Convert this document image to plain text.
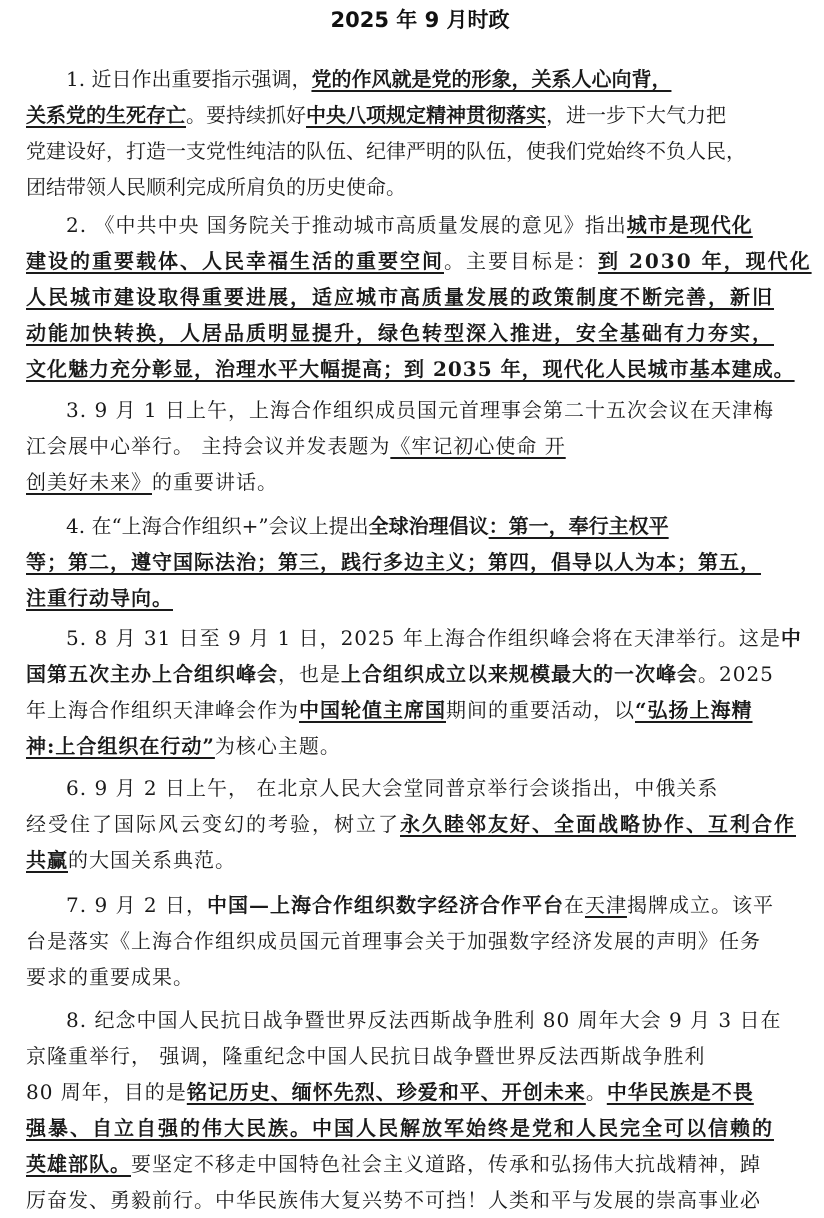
2025 年 9 月时政
1. 近日作出重要指示强调，党的作风就是党的形象，关系人心向背，
关系党的生死存亡。要持续抓好中央八项规定精神贯彻落实，进一步下大气力把
党建设好，打造一支党性纯洁的队伍、纪律严明的队伍，使我们党始终不负人民，
团结带领人民顺利完成所肩负的历史使命。
2. 《中共中央 国务院关于推动城市高质量发展的意见》指出城市是现代化
建设的重要载体、人民幸福生活的重要空间。主要目标是：到 2030 年，现代化
人民城市建设取得重要进展，适应城市高质量发展的政策制度不断完善，新旧
动能加快转换，人居品质明显提升，绿色转型深入推进，安全基础有力夯实，
文化魅力充分彰显，治理水平大幅提高；到 2035 年，现代化人民城市基本建成。
3. 9 月 1 日上午，上海合作组织成员国元首理事会第二十五次会议在天津梅
江会展中心举行。 主持会议并发表题为《牢记初心使命 开
创美好未来》的重要讲话。
4. 在“上海合作组织+”会议上提出全球治理倡议：第一，奉行主权平
等；第二，遵守国际法治；第三，践行多边主义；第四，倡导以人为本；第五，
注重行动导向。
5. 8 月 31 日至 9 月 1 日，2025 年上海合作组织峰会将在天津举行。这是中
国第五次主办上合组织峰会，也是上合组织成立以来规模最大的一次峰会。2025
年上海合作组织天津峰会作为中国轮值主席国期间的重要活动，以“弘扬上海精
神:上合组织在行动”为核心主题。
6. 9 月 2 日上午， 在北京人民大会堂同普京举行会谈指出，中俄关系
经受住了国际风云变幻的考验，树立了永久睦邻友好、全面战略协作、互利合作
共赢的大国关系典范。
7. 9 月 2 日，中国—上海合作组织数字经济合作平台在天津揭牌成立。该平
台是落实《上海合作组织成员国元首理事会关于加强数字经济发展的声明》任务
要求的重要成果。
8. 纪念中国人民抗日战争暨世界反法西斯战争胜利 80 周年大会 9 月 3 日在
京隆重举行， 强调，隆重纪念中国人民抗日战争暨世界反法西斯战争胜利
80 周年，目的是铭记历史、缅怀先烈、珍爱和平、开创未来。中华民族是不畏
强暴、自立自强的伟大民族。中国人民解放军始终是党和人民完全可以信赖的
英雄部队。要坚定不移走中国特色社会主义道路，传承和弘扬伟大抗战精神，踔
厉奋发、勇毅前行。中华民族伟大复兴势不可挡！人类和平与发展的崇高事业必
